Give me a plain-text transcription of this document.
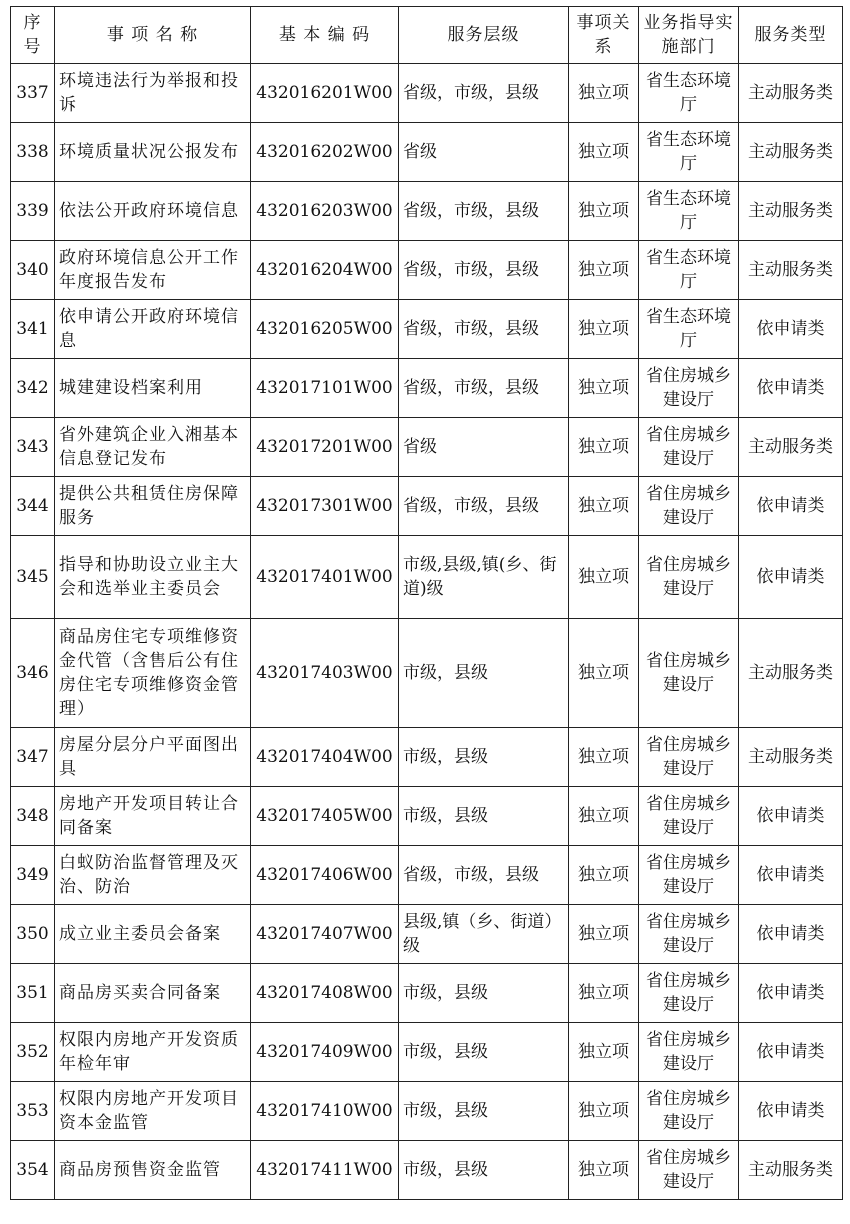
序号	事 项 名 称	基 本 编 码	服务层级	事项关系	业务指导实施部门	服务类型
337	环境违法行为举报和投诉	432016201W00	省级，市级，县级	独立项	省生态环境厅	主动服务类
338	环境质量状况公报发布	432016202W00	省级	独立项	省生态环境厅	主动服务类
339	依法公开政府环境信息	432016203W00	省级，市级，县级	独立项	省生态环境厅	主动服务类
340	政府环境信息公开工作年度报告发布	432016204W00	省级，市级，县级	独立项	省生态环境厅	主动服务类
341	依申请公开政府环境信息	432016205W00	省级，市级，县级	独立项	省生态环境厅	依申请类
342	城建建设档案利用	432017101W00	省级，市级，县级	独立项	省住房城乡建设厅	依申请类
343	省外建筑企业入湘基本信息登记发布	432017201W00	省级	独立项	省住房城乡建设厅	主动服务类
344	提供公共租赁住房保障服务	432017301W00	省级，市级，县级	独立项	省住房城乡建设厅	依申请类
345	指导和协助设立业主大会和选举业主委员会	432017401W00	市级,县级,镇(乡、街道)级	独立项	省住房城乡建设厅	依申请类
346	商品房住宅专项维修资金代管（含售后公有住房住宅专项维修资金管理）	432017403W00	市级，县级	独立项	省住房城乡建设厅	主动服务类
347	房屋分层分户平面图出具	432017404W00	市级，县级	独立项	省住房城乡建设厅	主动服务类
348	房地产开发项目转让合同备案	432017405W00	市级，县级	独立项	省住房城乡建设厅	依申请类
349	白蚁防治监督管理及灭治、防治	432017406W00	省级，市级，县级	独立项	省住房城乡建设厅	依申请类
350	成立业主委员会备案	432017407W00	县级,镇（乡、街道）级	独立项	省住房城乡建设厅	依申请类
351	商品房买卖合同备案	432017408W00	市级，县级	独立项	省住房城乡建设厅	依申请类
352	权限内房地产开发资质年检年审	432017409W00	市级，县级	独立项	省住房城乡建设厅	依申请类
353	权限内房地产开发项目资本金监管	432017410W00	市级，县级	独立项	省住房城乡建设厅	依申请类
354	商品房预售资金监管	432017411W00	市级，县级	独立项	省住房城乡建设厅	主动服务类
